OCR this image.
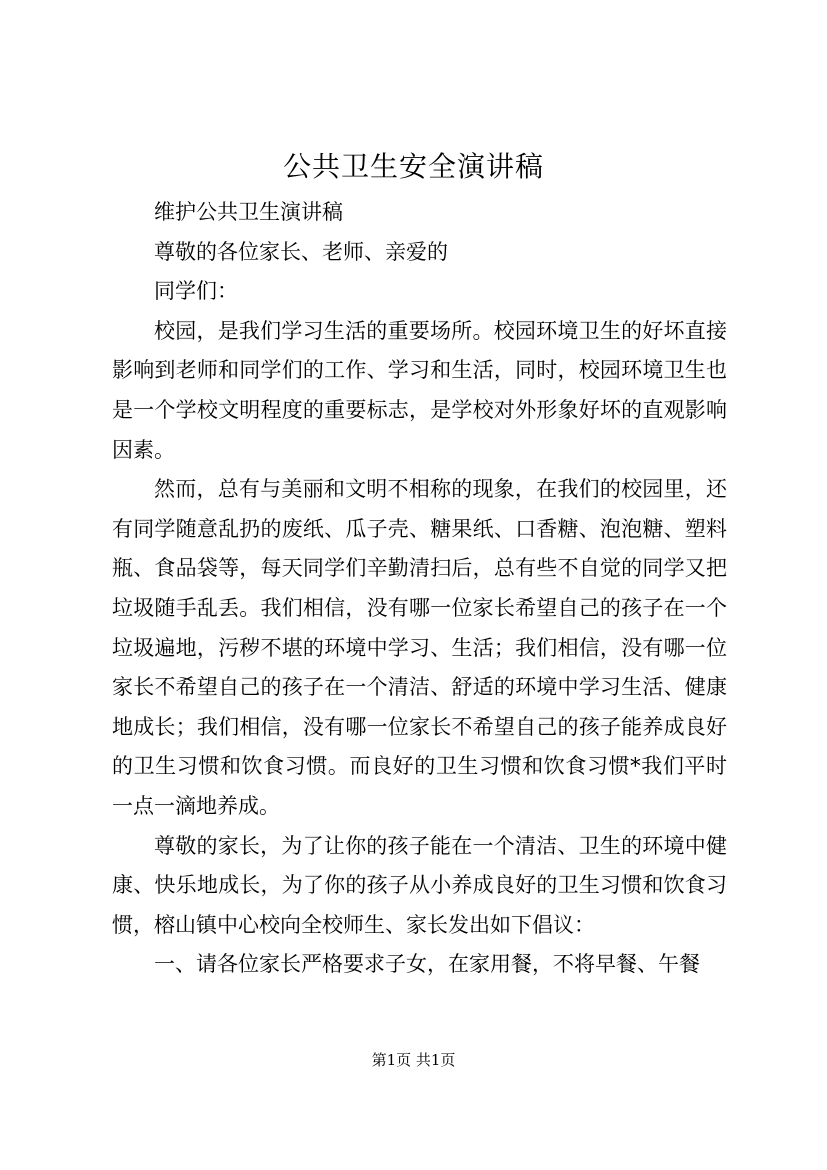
公共卫生安全演讲稿

维护公共卫生演讲稿

尊敬的各位家长、老师、亲爱的

同学们：

校园，是我们学习生活的重要场所。校园环境卫生的好坏直接影响到老师和同学们的工作、学习和生活，同时，校园环境卫生也是一个学校文明程度的重要标志，是学校对外形象好坏的直观影响因素。

然而，总有与美丽和文明不相称的现象，在我们的校园里，还有同学随意乱扔的废纸、瓜子壳、糖果纸、口香糖、泡泡糖、塑料瓶、食品袋等，每天同学们辛勤清扫后，总有些不自觉的同学又把垃圾随手乱丢。我们相信，没有哪一位家长希望自己的孩子在一个垃圾遍地，污秽不堪的环境中学习、生活；我们相信，没有哪一位家长不希望自己的孩子在一个清洁、舒适的环境中学习生活、健康地成长；我们相信，没有哪一位家长不希望自己的孩子能养成良好的卫生习惯和饮食习惯。而良好的卫生习惯和饮食习惯*我们平时一点一滴地养成。

尊敬的家长，为了让你的孩子能在一个清洁、卫生的环境中健康、快乐地成长，为了你的孩子从小养成良好的卫生习惯和饮食习惯，榕山镇中心校向全校师生、家长发出如下倡议：

一、请各位家长严格要求子女，在家用餐，不将早餐、午餐

第1页 共1页
